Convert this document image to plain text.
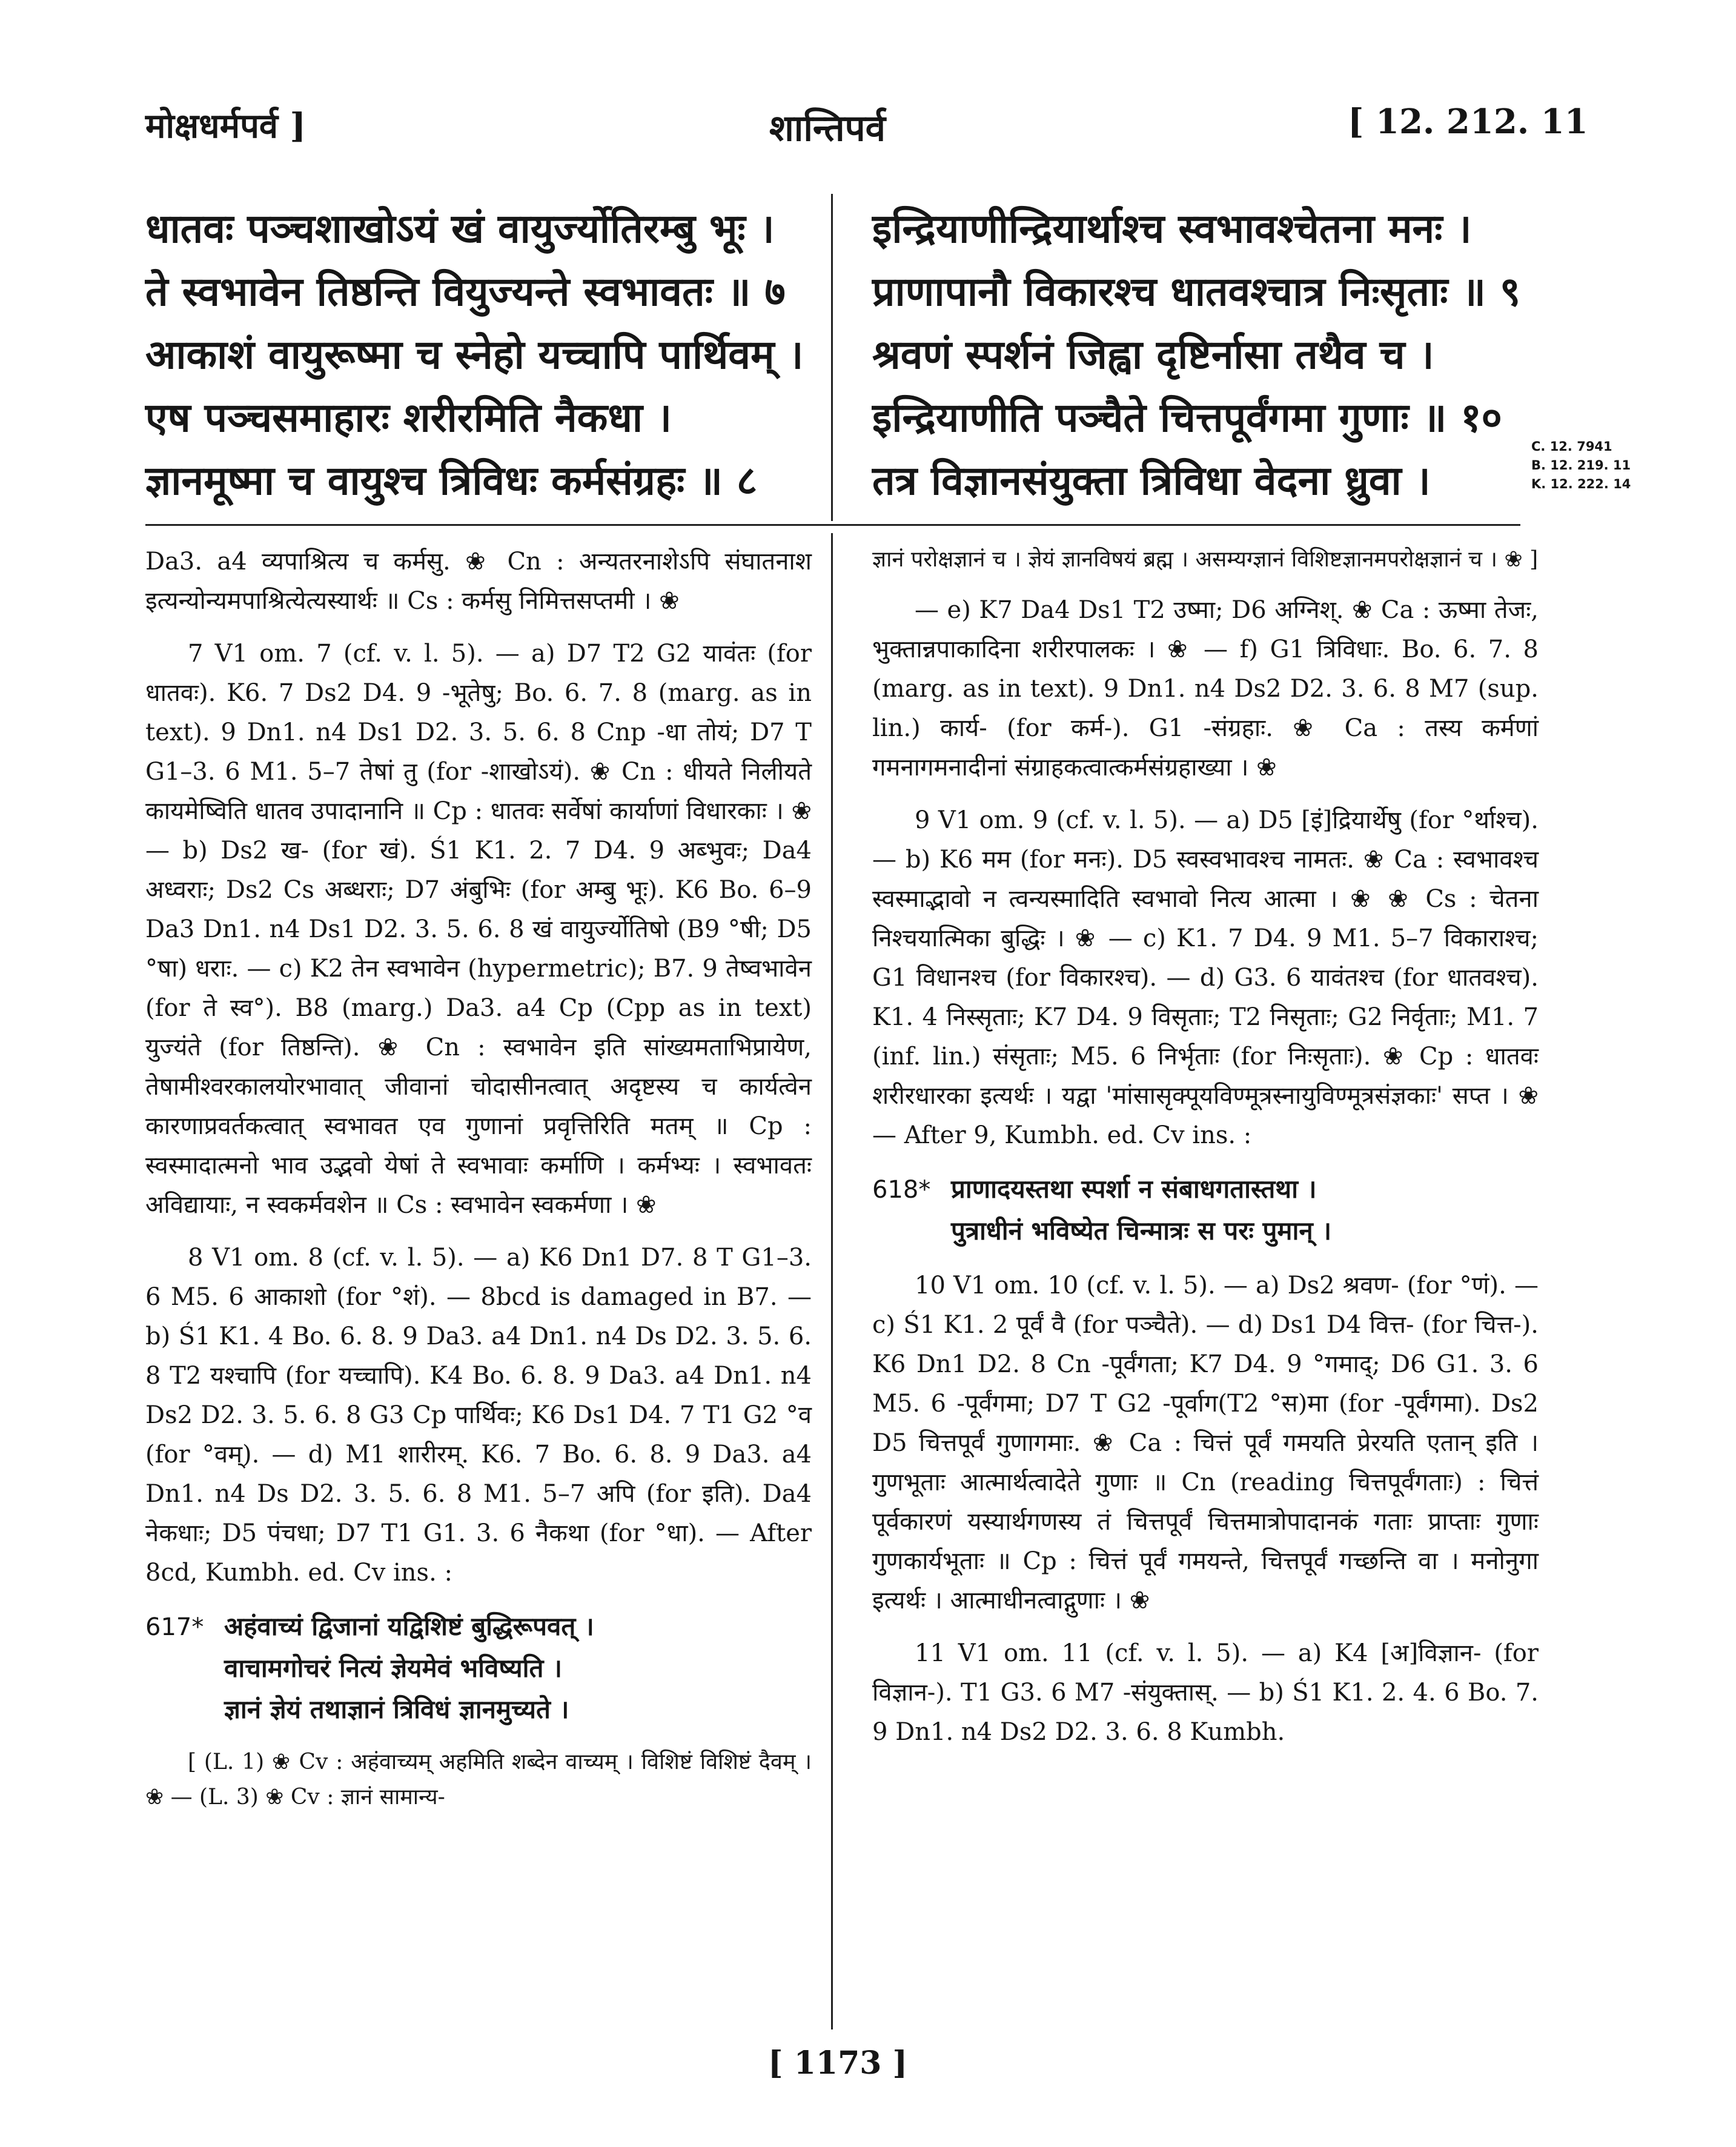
मोक्षधर्मपर्व ]	शान्तिपर्व	[ 12. 212. 11
धातवः पञ्चशाखोऽयं खं वायुर्ज्योतिरम्बु भूः ।
ते स्वभावेन तिष्ठन्ति वियुज्यन्ते स्वभावतः ॥ ७
आकाशं वायुरूष्मा च स्नेहो यच्चापि पार्थिवम् ।
एष पञ्चसमाहारः शरीरमिति नैकधा ।
ज्ञानमूष्मा च वायुश्च त्रिविधः कर्मसंग्रहः ॥ ८
इन्द्रियाणीन्द्रियार्थाश्च स्वभावश्चेतना मनः ।
प्राणापानौ विकारश्च धातवश्चात्र निःसृताः ॥ ९
श्रवणं स्पर्शनं जिह्वा दृष्टिर्नासा तथैव च ।
इन्द्रियाणीति पञ्चैते चित्तपूर्वंगमा गुणाः ॥ १०
तत्र विज्ञानसंयुक्ता त्रिविधा वेदना ध्रुवा ।
C. 12. 7941
B. 12. 219. 11
K. 12. 222. 14

Da3. a4 व्यपाश्रित्य च कर्मसु. ❀ Cn : अन्यतरनाशेऽपि संघातनाश इत्यन्योन्यमपाश्रित्येत्यस्यार्थः ॥ Cs : कर्मसु निमित्तसप्तमी । ❀

7 V1 om. 7 (cf. v. l. 5). — a) D7 T2 G2 यावंतः (for धातवः). K6. 7 Ds2 D4. 9 -भूतेषु; Bo. 6. 7. 8 (marg. as in text). 9 Dn1. n4 Ds1 D2. 3. 5. 6. 8 Cnp -धा तोयं; D7 T G1–3. 6 M1. 5–7 तेषां तु (for -शाखोऽयं). ❀ Cn : धीयते निलीयते कायमेष्विति धातव उपादानानि ॥ Cp : धातवः सर्वेषां कार्याणां विधारकाः । ❀ — b) Ds2 ख- (for खं). Ś1 K1. 2. 7 D4. 9 अब्भुवः; Da4 अध्वराः; Ds2 Cs अब्धराः; D7 अंबुभिः (for अम्बु भूः). K6 Bo. 6–9 Da3 Dn1. n4 Ds1 D2. 3. 5. 6. 8 खं वायुर्ज्योतिषो (B9 °षी; D5 °षा) धराः. — c) K2 तेन स्वभावेन (hypermetric); B7. 9 तेष्वभावेन (for ते स्व°). B8 (marg.) Da3. a4 Cp (Cpp as in text) युज्यंते (for तिष्ठन्ति). ❀ Cn : स्वभावेन इति सांख्यमताभिप्रायेण, तेषामीश्वरकालयोरभावात् जीवानां चोदासीनत्वात् अदृष्टस्य च कार्यत्वेन कारणाप्रवर्तकत्वात् स्वभावत एव गुणानां प्रवृत्तिरिति मतम् ॥ Cp : स्वस्मादात्मनो भाव उद्भवो येषां ते स्वभावाः कर्माणि । कर्मभ्यः । स्वभावतः अविद्यायाः, न स्वकर्मवशेन ॥ Cs : स्वभावेन स्वकर्मणा । ❀

8 V1 om. 8 (cf. v. l. 5). — a) K6 Dn1 D7. 8 T G1–3. 6 M5. 6 आकाशो (for °शं). — 8bcd is damaged in B7. — b) Ś1 K1. 4 Bo. 6. 8. 9 Da3. a4 Dn1. n4 Ds D2. 3. 5. 6. 8 T2 यश्चापि (for यच्चापि). K4 Bo. 6. 8. 9 Da3. a4 Dn1. n4 Ds2 D2. 3. 5. 6. 8 G3 Cp पार्थिवः; K6 Ds1 D4. 7 T1 G2 °व (for °वम्). — d) M1 शारीरम्. K6. 7 Bo. 6. 8. 9 Da3. a4 Dn1. n4 Ds D2. 3. 5. 6. 8 M1. 5–7 अपि (for इति). Da4 नेकधाः; D5 पंचधा; D7 T1 G1. 3. 6 नैकथा (for °धा). — After 8cd, Kumbh. ed. Cv ins. :

617* अहंवाच्यं द्विजानां यद्विशिष्टं बुद्धिरूपवत् ।
वाचामगोचरं नित्यं ज्ञेयमेवं भविष्यति ।
ज्ञानं ज्ञेयं तथाज्ञानं त्रिविधं ज्ञानमुच्यते ।

[ (L. 1) ❀ Cv : अहंवाच्यम् अहमिति शब्देन वाच्यम् । विशिष्टं विशिष्टं दैवम् । ❀ — (L. 3) ❀ Cv : ज्ञानं सामान्य-

ज्ञानं परोक्षज्ञानं च । ज्ञेयं ज्ञानविषयं ब्रह्म । असम्यग्ज्ञानं विशिष्टज्ञानमपरोक्षज्ञानं च । ❀ ]

— e) K7 Da4 Ds1 T2 उष्मा; D6 अग्निश्. ❀ Ca : ऊष्मा तेजः, भुक्तान्नपाकादिना शरीरपालकः । ❀ — f) G1 त्रिविधाः. Bo. 6. 7. 8 (marg. as in text). 9 Dn1. n4 Ds2 D2. 3. 6. 8 M7 (sup. lin.) कार्य- (for कर्म-). G1 -संग्रहाः. ❀ Ca : तस्य कर्मणां गमनागमनादीनां संग्राहकत्वात्कर्मसंग्रहाख्या । ❀

9 V1 om. 9 (cf. v. l. 5). — a) D5 [इं]द्रियार्थेषु (for °र्थाश्च). — b) K6 मम (for मनः). D5 स्वस्वभावश्च नामतः. ❀ Ca : स्वभावश्च स्वस्माद्भावो न त्वन्यस्मादिति स्वभावो नित्य आत्मा । ❀ ❀ Cs : चेतना निश्चयात्मिका बुद्धिः । ❀ — c) K1. 7 D4. 9 M1. 5–7 विकाराश्च; G1 विधानश्च (for विकारश्च). — d) G3. 6 यावंतश्च (for धातवश्च). K1. 4 निस्सृताः; K7 D4. 9 विसृताः; T2 निसृताः; G2 निर्वृताः; M1. 7 (inf. lin.) संसृताः; M5. 6 निर्भृताः (for निःसृताः). ❀ Cp : धातवः शरीरधारका इत्यर्थः । यद्वा 'मांसासृक्पूयविण्मूत्रस्नायुविण्मूत्रसंज्ञकाः' सप्त । ❀ — After 9, Kumbh. ed. Cv ins. :

618* प्राणादयस्तथा स्पर्शा न संबाधगतास्तथा ।
पुत्राधीनं भविष्येत चिन्मात्रः स परः पुमान् ।

10 V1 om. 10 (cf. v. l. 5). — a) Ds2 श्रवण- (for °णं). — c) Ś1 K1. 2 पूर्वं वै (for पञ्चैते). — d) Ds1 D4 वित्त- (for चित्त-). K6 Dn1 D2. 8 Cn -पूर्वंगता; K7 D4. 9 °गमाद्; D6 G1. 3. 6 M5. 6 -पूर्वंगमा; D7 T G2 -पूर्वाग(T2 °स)मा (for -पूर्वंगमा). Ds2 D5 चित्तपूर्वं गुणागमाः. ❀ Ca : चित्तं पूर्वं गमयति प्रेरयति एतान् इति । गुणभूताः आत्मार्थत्वादेते गुणाः ॥ Cn (reading चित्तपूर्वंगताः) : चित्तं पूर्वकारणं यस्यार्थगणस्य तं चित्तपूर्वं चित्तमात्रोपादानकं गताः प्राप्ताः गुणाः गुणकार्यभूताः ॥ Cp : चित्तं पूर्वं गमयन्ते, चित्तपूर्वं गच्छन्ति वा । मनोनुगा इत्यर्थः । आत्माधीनत्वाद्गुणाः । ❀

11 V1 om. 11 (cf. v. l. 5). — a) K4 [अ]विज्ञान- (for विज्ञान-). T1 G3. 6 M7 -संयुक्तास्. — b) Ś1 K1. 2. 4. 6 Bo. 7. 9 Dn1. n4 Ds2 D2. 3. 6. 8 Kumbh.

[ 1173 ]
